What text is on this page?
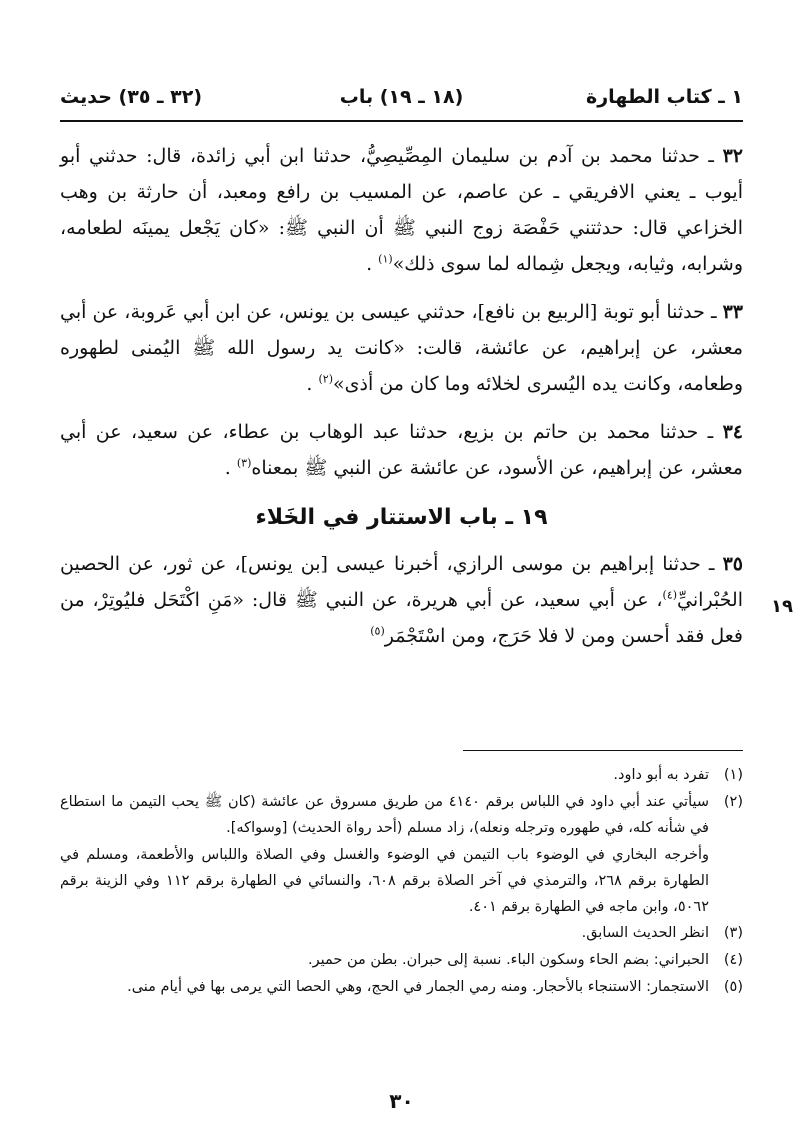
١ ـ كتاب الطهارة
(١٨ ـ ١٩) باب
(٣٢ ـ ٣٥) حديث

٣٢ ـ حدثنا محمد بن آدم بن سليمان المِصِّيصِيُّ، حدثنا ابن أبي زائدة، قال: حدثني أبو أيوب ـ يعني الافريقي ـ عن عاصم، عن المسيب بن رافع ومعبد، أن حارثة بن وهب الخزاعي قال: حدثتني حَفْصَة زوج النبي ﷺ أن النبي ﷺ: «كان يَجْعل يمينَه لطعامه، وشرابه، وثيابه، ويجعل شِماله لما سوى ذلك»$^{(١)}$ .

٣٣ ـ حدثنا أبو توبة [الربيع بن نافع]، حدثني عيسى بن يونس، عن ابن أبي عَروبة، عن أبي معشر، عن إبراهيم، عن عائشة، قالت: «كانت يد رسول الله ﷺ اليُمنى لطهوره وطعامه، وكانت يده اليُسرى لخلائه وما كان من أذى»$^{(٢)}$ .

٣٤ ـ حدثنا محمد بن حاتم بن بزيع، حدثنا عبد الوهاب بن عطاء، عن سعيد، عن أبي معشر، عن إبراهيم، عن الأسود، عن عائشة عن النبي ﷺ بمعناه$^{(٣)}$ .

١٩ ـ باب الاستتار في الخَلاء

٣٥ ـ حدثنا إبراهيم بن موسى الرازي، أخبرنا عيسى [بن يونس]، عن ثور، عن الحصين الحُبْرانيِّ$^{(٤)}$، عن أبي سعيد، عن أبي هريرة، عن النبي ﷺ قال: «مَنِ اكْتَحَل فليُوتِرْ، من فعل فقد أحسن ومن لا فلا حَرَج، ومن اسْتَجْمَر$^{(٥)}$

١٩
(١)
تفرد به أبو داود.
(٢)
سيأتي عند أبي داود في اللباس برقم ٤١٤٠ من طريق مسروق عن عائشة (كان ﷺ يحب التيمن ما استطاع في شأنه كله، في طهوره وترجله ونعله)، زاد مسلم (أحد رواة الحديث) [وسواكه].
وأخرجه البخاري في الوضوء باب التيمن في الوضوء والغسل وفي الصلاة واللباس والأطعمة، ومسلم في الطهارة برقم ٢٦٨، والترمذي في آخر الصلاة برقم ٦٠٨، والنسائي في الطهارة برقم ١١٢ وفي الزينة برقم ٥٠٦٢، وابن ماجه في الطهارة برقم ٤٠١.
(٣)
انظر الحديث السابق.
(٤)
الحبراني: بضم الحاء وسكون الباء. نسبة إلى حبران. بطن من حمير.
(٥)
الاستجمار: الاستنجاء بالأحجار. ومنه رمي الجمار في الحج، وهي الحصا التي يرمى بها في أيام منى.
٣٠
